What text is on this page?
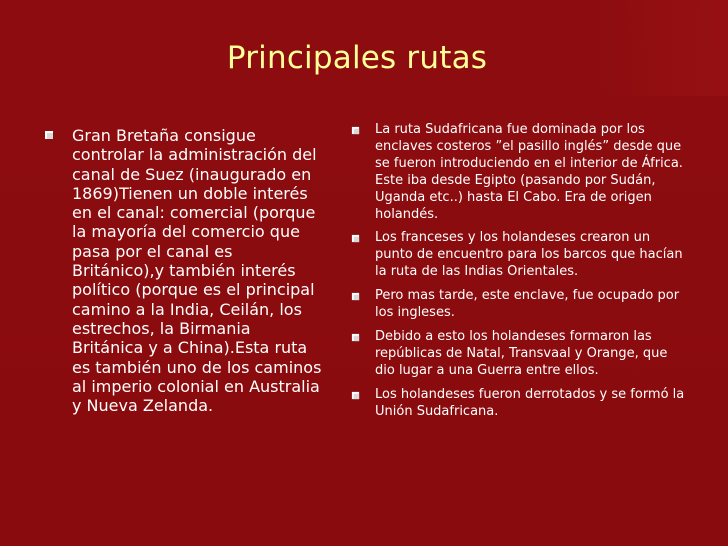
Principales rutas
Gran Bretaña consigue controlar la administración del canal de Suez (inaugurado en 1869)Tienen un doble interés en el canal: comercial (porque la mayoría del comercio que pasa por el canal es Británico),y también interés político (porque es el principal camino a la India, Ceilán, los estrechos, la Birmania Británica y a China).Esta ruta es también uno de los caminos al imperio colonial en Australia y Nueva Zelanda.
La ruta Sudafricana fue dominada por los enclaves costeros ”el pasillo inglés” desde que se fueron introduciendo en el interior de África. Este iba desde Egipto (pasando por Sudán, Uganda etc..) hasta El Cabo. Era de origen holandés.
Los franceses y los holandeses crearon un punto de encuentro para los barcos que hacían la ruta de las Indias Orientales.
Pero mas tarde, este enclave, fue ocupado por los ingleses.
Debido a esto los holandeses formaron las repúblicas de Natal, Transvaal y Orange, que dio lugar a una Guerra entre ellos.
Los holandeses fueron derrotados y se formó la Unión Sudafricana.
